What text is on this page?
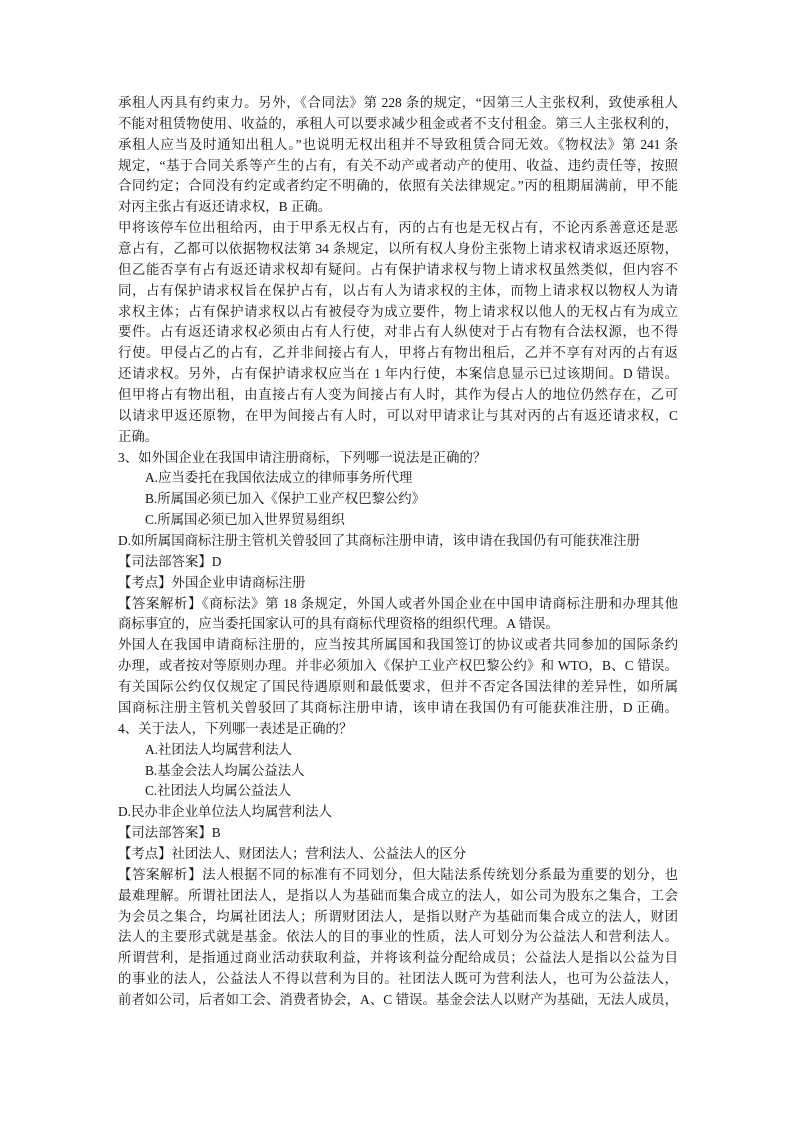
承租人丙具有约束力。另外，《合同法》第 228 条的规定，“因第三人主张权利，致使承租人
不能对租赁物使用、收益的，承租人可以要求减少租金或者不支付租金。第三人主张权利的，
承租人应当及时通知出租人。”也说明无权出租并不导致租赁合同无效。《物权法》第 241 条
规定，“基于合同关系等产生的占有，有关不动产或者动产的使用、收益、违约责任等，按照
合同约定；合同没有约定或者约定不明确的，依照有关法律规定。”丙的租期届满前，甲不能
对丙主张占有返还请求权，B 正确。
甲将该停车位出租给丙，由于甲系无权占有，丙的占有也是无权占有，不论丙系善意还是恶
意占有，乙都可以依据物权法第 34 条规定，以所有权人身份主张物上请求权请求返还原物，
但乙能否享有占有返还请求权却有疑问。占有保护请求权与物上请求权虽然类似，但内容不
同，占有保护请求权旨在保护占有，以占有人为请求权的主体，而物上请求权以物权人为请
求权主体；占有保护请求权以占有被侵夺为成立要件，物上请求权以他人的无权占有为成立
要件。占有返还请求权必须由占有人行使，对非占有人纵使对于占有物有合法权源，也不得
行使。甲侵占乙的占有，乙并非间接占有人，甲将占有物出租后，乙并不享有对丙的占有返
还请求权。另外，占有保护请求权应当在 1 年内行使，本案信息显示已过该期间。D 错误。
但甲将占有物出租，由直接占有人变为间接占有人时，其作为侵占人的地位仍然存在，乙可
以请求甲返还原物，在甲为间接占有人时，可以对甲请求让与其对丙的占有返还请求权，C
正确。
3、如外国企业在我国申请注册商标，下列哪一说法是正确的？
A.应当委托在我国依法成立的律师事务所代理
B.所属国必须已加入《保护工业产权巴黎公约》
C.所属国必须已加入世界贸易组织
D.如所属国商标注册主管机关曾驳回了其商标注册申请，该申请在我国仍有可能获准注册
【司法部答案】D
【考点】外国企业申请商标注册
【答案解析】《商标法》第 18 条规定，外国人或者外国企业在中国申请商标注册和办理其他
商标事宜的，应当委托国家认可的具有商标代理资格的组织代理。A 错误。
外国人在我国申请商标注册的，应当按其所属国和我国签订的协议或者共同参加的国际条约
办理，或者按对等原则办理。并非必须加入《保护工业产权巴黎公约》和 WTO，B、C 错误。
有关国际公约仅仅规定了国民待遇原则和最低要求，但并不否定各国法律的差异性，如所属
国商标注册主管机关曾驳回了其商标注册申请，该申请在我国仍有可能获准注册，D 正确。
4、关于法人，下列哪一表述是正确的？
A.社团法人均属营利法人
B.基金会法人均属公益法人
C.社团法人均属公益法人
D.民办非企业单位法人均属营利法人
【司法部答案】B
【考点】社团法人、财团法人；营利法人、公益法人的区分
【答案解析】法人根据不同的标准有不同划分，但大陆法系传统划分系最为重要的划分，也
最难理解。所谓社团法人，是指以人为基础而集合成立的法人，如公司为股东之集合，工会
为会员之集合，均属社团法人；所谓财团法人，是指以财产为基础而集合成立的法人，财团
法人的主要形式就是基金。依法人的目的事业的性质，法人可划分为公益法人和营利法人。
所谓营利，是指通过商业活动获取利益，并将该利益分配给成员；公益法人是指以公益为目
的事业的法人，公益法人不得以营利为目的。社团法人既可为营利法人，也可为公益法人，
前者如公司，后者如工会、消费者协会，A、C 错误。基金会法人以财产为基础，无法人成员，
